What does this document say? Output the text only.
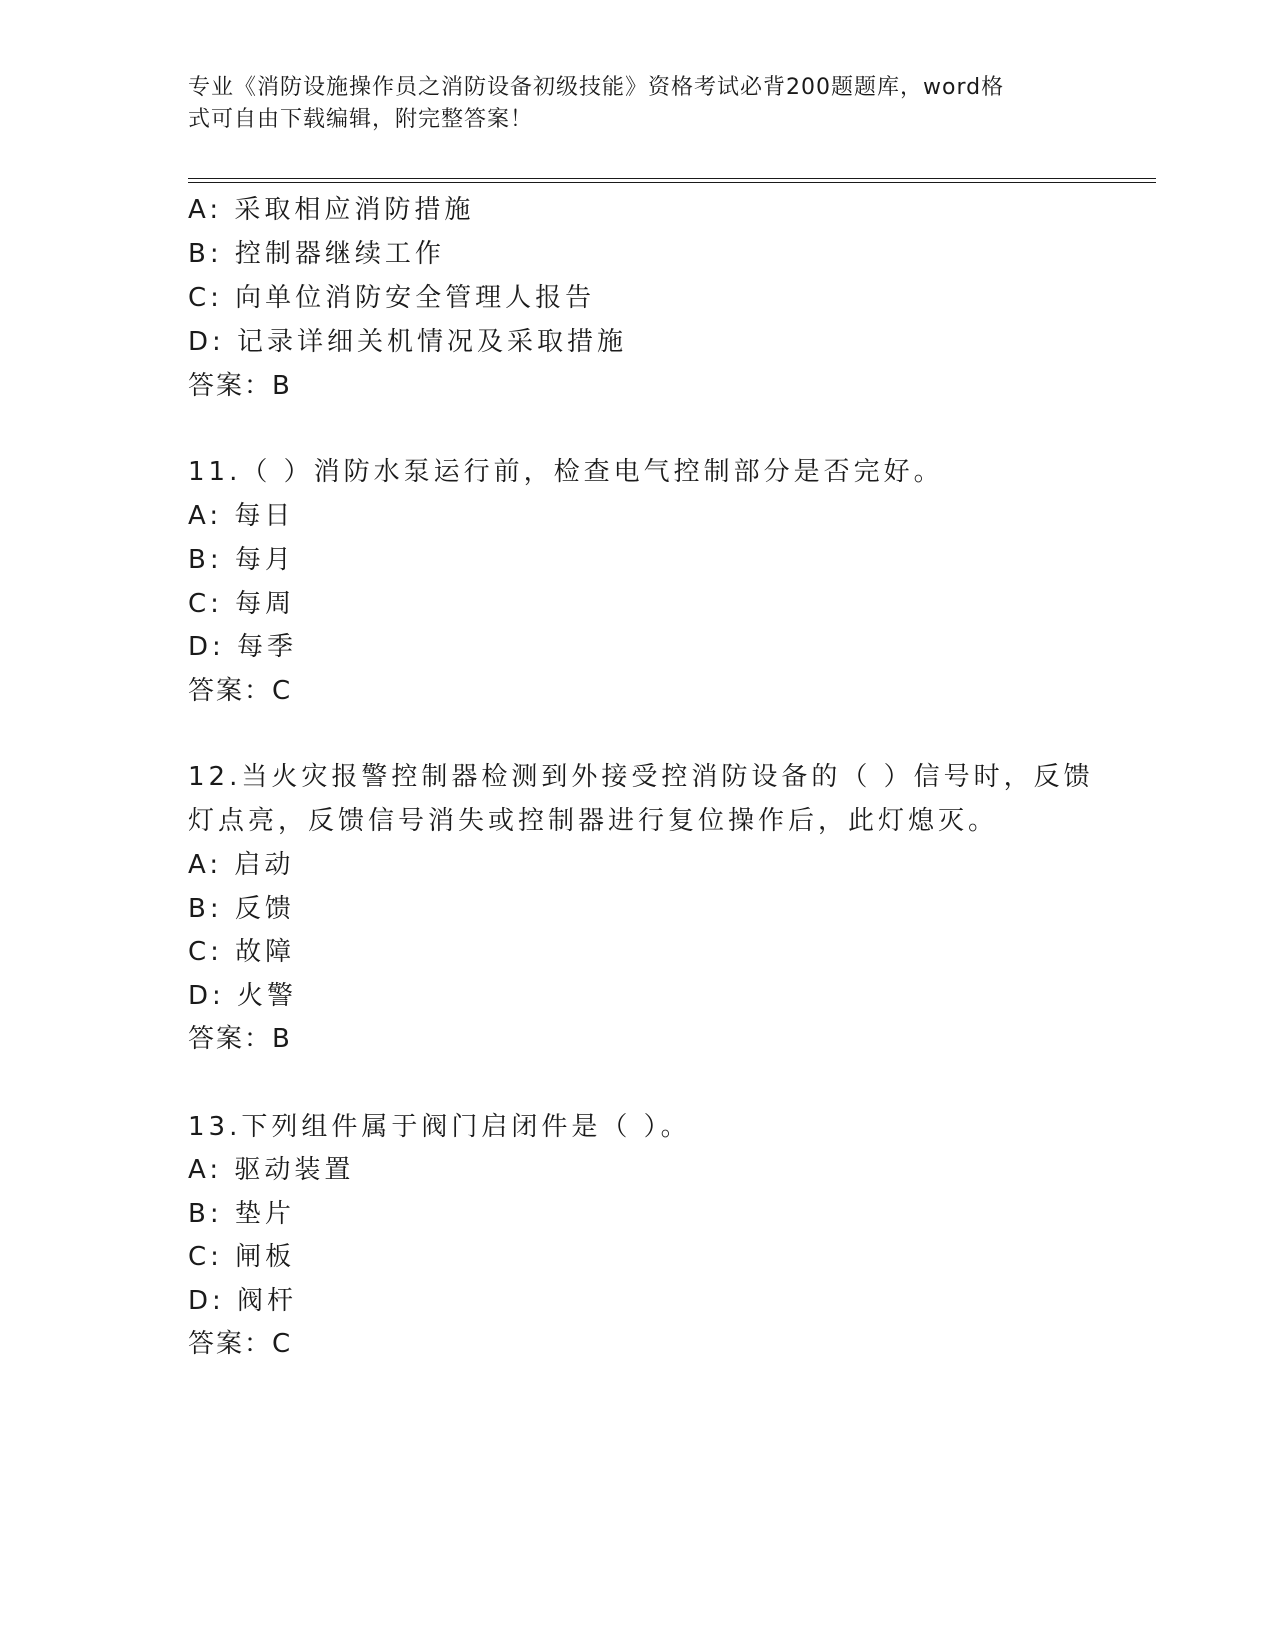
专业《消防设施操作员之消防设备初级技能》资格考试必背200题题库，word格
式可自由下载编辑，附完整答案！
A: 采取相应消防措施
B: 控制器继续工作
C: 向单位消防安全管理人报告
D: 记录详细关机情况及采取措施
答案：B
11.（ ）消防水泵运行前，检查电气控制部分是否完好。
A: 每日
B: 每月
C: 每周
D: 每季
答案：C
12.当火灾报警控制器检测到外接受控消防设备的（ ）信号时，反馈
灯点亮，反馈信号消失或控制器进行复位操作后，此灯熄灭。
A: 启动
B: 反馈
C: 故障
D: 火警
答案：B
13.下列组件属于阀门启闭件是（ ）。
A: 驱动装置
B: 垫片
C: 闸板
D: 阀杆
答案：C
